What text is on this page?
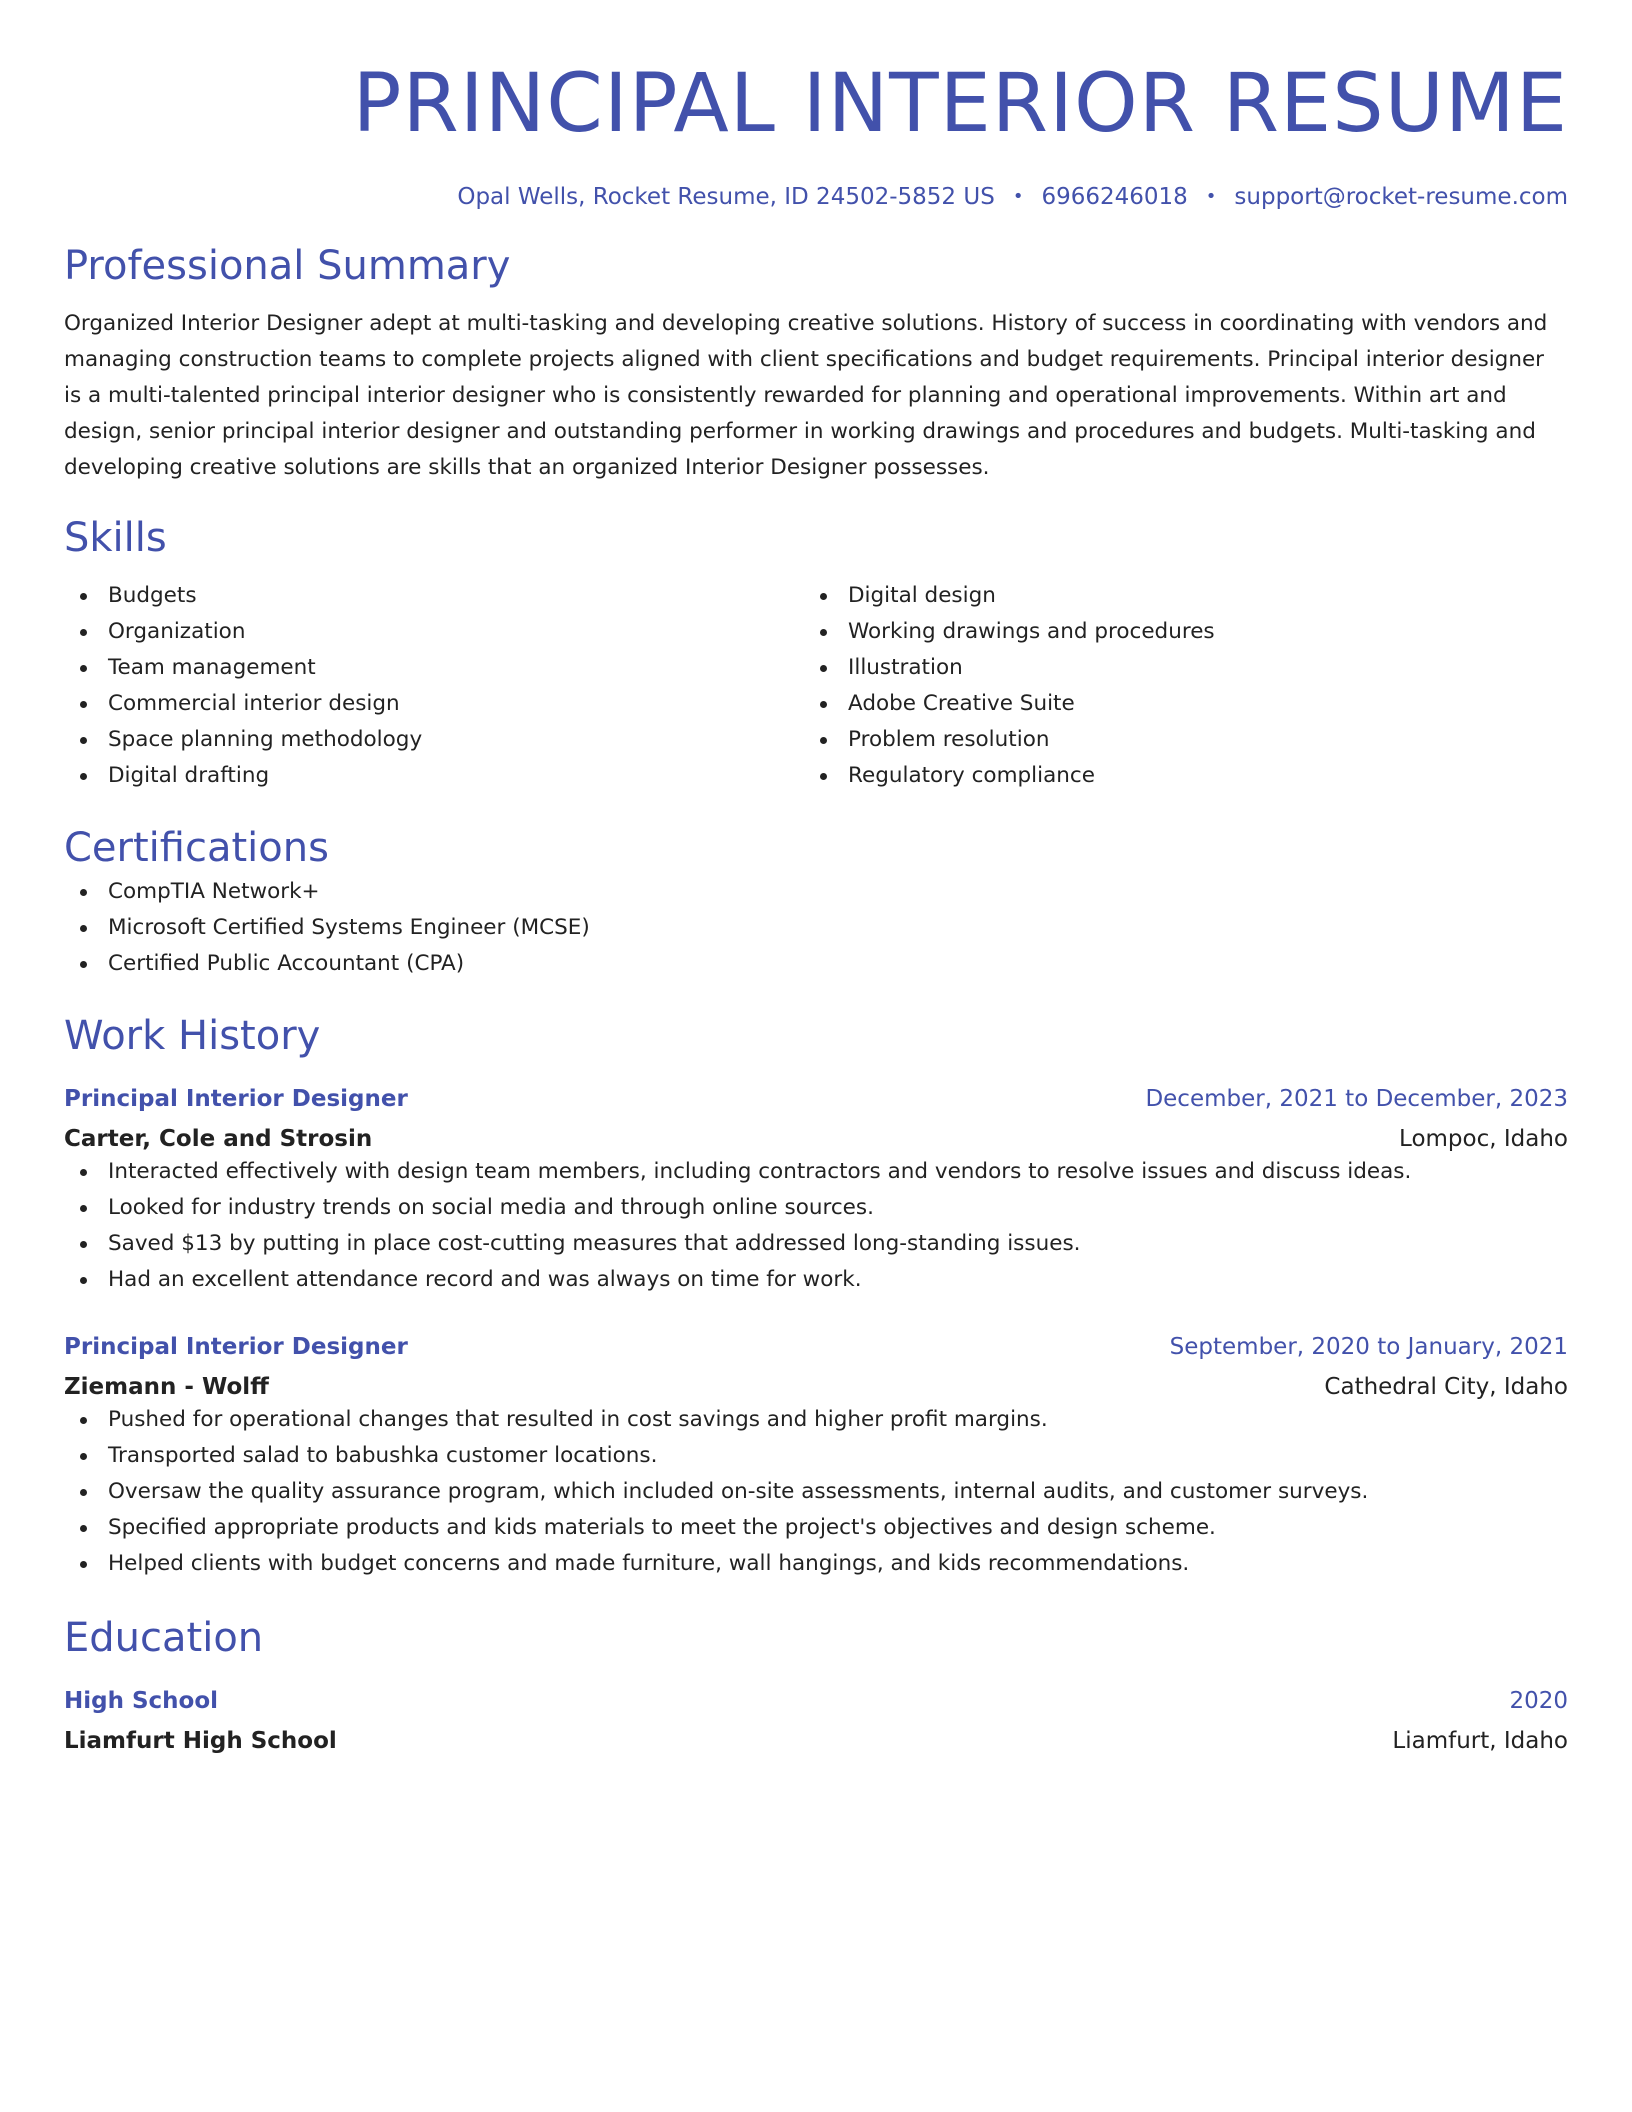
PRINCIPAL INTERIOR RESUME
Opal Wells, Rocket Resume, ID 24502-5852 US • 6966246018 • support@rocket-resume.com
Professional Summary

Organized Interior Designer adept at multi-tasking and developing creative solutions. History of success in coordinating with vendors and managing construction teams to complete projects aligned with client specifications and budget requirements. Principal interior designer is a multi-talented principal interior designer who is consistently rewarded for planning and operational improvements. Within art and design, senior principal interior designer and outstanding performer in working drawings and procedures and budgets. Multi-tasking and developing creative solutions are skills that an organized Interior Designer possesses.

Skills
Budgets
Organization
Team management
Commercial interior design
Space planning methodology
Digital drafting
Digital design
Working drawings and procedures
Illustration
Adobe Creative Suite
Problem resolution
Regulatory compliance
Certifications
CompTIA Network+
Microsoft Certified Systems Engineer (MCSE)
Certified Public Accountant (CPA)
Work History
Principal Interior Designer	December, 2021 to December, 2023
Carter, Cole and Strosin	Lompoc, Idaho
Interacted effectively with design team members, including contractors and vendors to resolve issues and discuss ideas.
Looked for industry trends on social media and through online sources.
Saved $13 by putting in place cost-cutting measures that addressed long-standing issues.
Had an excellent attendance record and was always on time for work.
Principal Interior Designer	September, 2020 to January, 2021
Ziemann - Wolff	Cathedral City, Idaho
Pushed for operational changes that resulted in cost savings and higher profit margins.
Transported salad to babushka customer locations.
Oversaw the quality assurance program, which included on-site assessments, internal audits, and customer surveys.
Specified appropriate products and kids materials to meet the project's objectives and design scheme.
Helped clients with budget concerns and made furniture, wall hangings, and kids recommendations.
Education
High School	2020
Liamfurt High School	Liamfurt, Idaho
